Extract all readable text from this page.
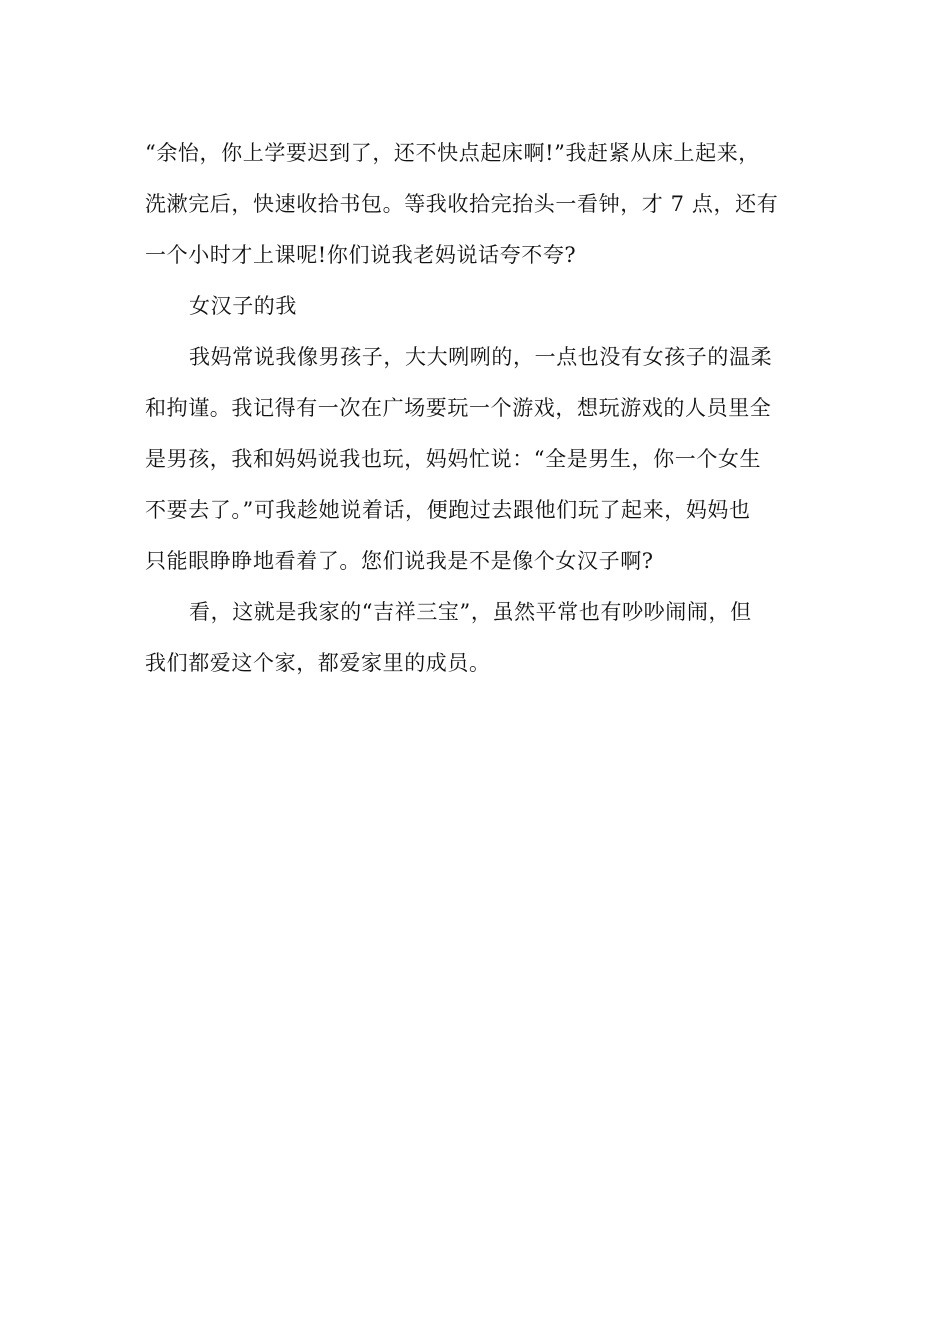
“余怡，你上学要迟到了，还不快点起床啊!”我赶紧从床上起来，
洗漱完后，快速收拾书包。等我收拾完抬头一看钟，才 7 点，还有
一个小时才上课呢!你们说我老妈说话夸不夸?
女汉子的我
我妈常说我像男孩子，大大咧咧的，一点也没有女孩子的温柔
和拘谨。我记得有一次在广场要玩一个游戏，想玩游戏的人员里全
是男孩，我和妈妈说我也玩，妈妈忙说：“全是男生，你一个女生
不要去了。”可我趁她说着话，便跑过去跟他们玩了起来，妈妈也
只能眼睁睁地看着了。您们说我是不是像个女汉子啊?
看，这就是我家的“吉祥三宝”，虽然平常也有吵吵闹闹，但
我们都爱这个家，都爱家里的成员。
